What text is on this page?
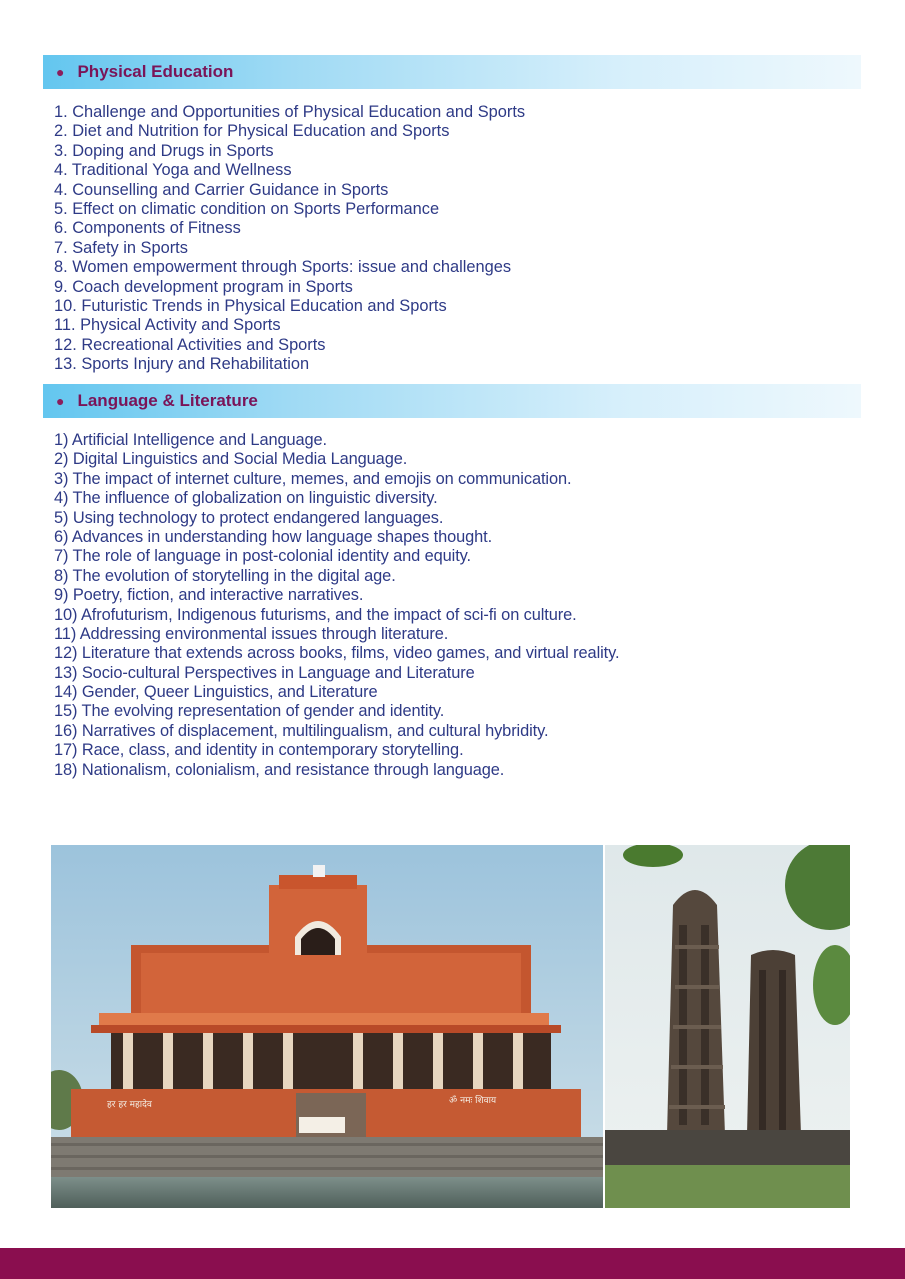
● Physical Education
1. Challenge and Opportunities of Physical Education and Sports
2. Diet and Nutrition for Physical Education and Sports
3. Doping and Drugs in Sports
4. Traditional Yoga and Wellness
4. Counselling and Carrier Guidance in Sports
5. Effect on climatic condition on Sports Performance
6. Components of Fitness
7. Safety in Sports
8. Women empowerment through Sports: issue and challenges
9. Coach development program in Sports
10. Futuristic Trends in Physical Education and Sports
11. Physical Activity and Sports
12. Recreational Activities and Sports
13. Sports Injury and Rehabilitation
● Language & Literature
1) Artificial Intelligence and Language.
2) Digital Linguistics and Social Media Language.
3) The impact of internet culture, memes, and emojis on communication.
4) The influence of globalization on linguistic diversity.
5) Using technology to protect endangered languages.
6) Advances in understanding how language shapes thought.
7) The role of language in post-colonial identity and equity.
8) The evolution of storytelling in the digital age.
9) Poetry, fiction, and interactive narratives.
10) Afrofuturism, Indigenous futurisms, and the impact of sci-fi on culture.
11) Addressing environmental issues through literature.
12) Literature that extends across books, films, video games, and virtual reality.
13) Socio-cultural Perspectives in Language and Literature
14) Gender, Queer Linguistics, and Literature
15) The evolving representation of gender and identity.
16) Narratives of displacement, multilingualism, and cultural hybridity.
17) Race, class, and identity in contemporary storytelling.
18) Nationalism, colonialism, and resistance through language.
हर हर महादेव	ॐ नमः शिवाय
